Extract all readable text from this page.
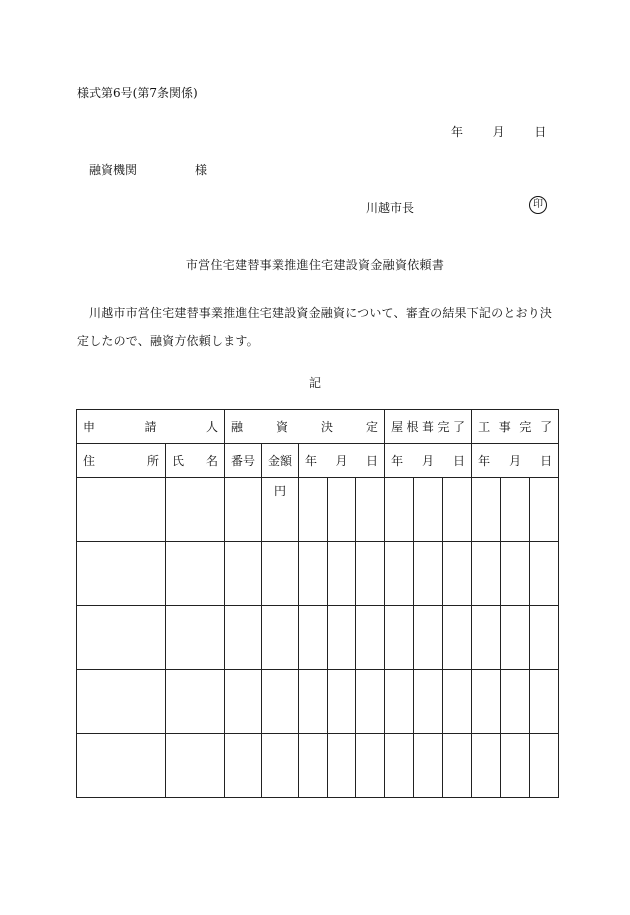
様式第6号(第7条関係)
年 月 日
融資機関	様
川越市長	印
市営住宅建替事業推進住宅建設資金融資依頼書
川越市市営住宅建替事業推進住宅建設資金融資について、審査の結果下記のとおり決定したので、融資方依頼します。
記
申 請 人		融 資 決 定					屋 根 葺 完 了			工 事 完 了		

住 所	氏 名	番号	金額	年 月 日			年 月 日			年 月 日		

			円									
